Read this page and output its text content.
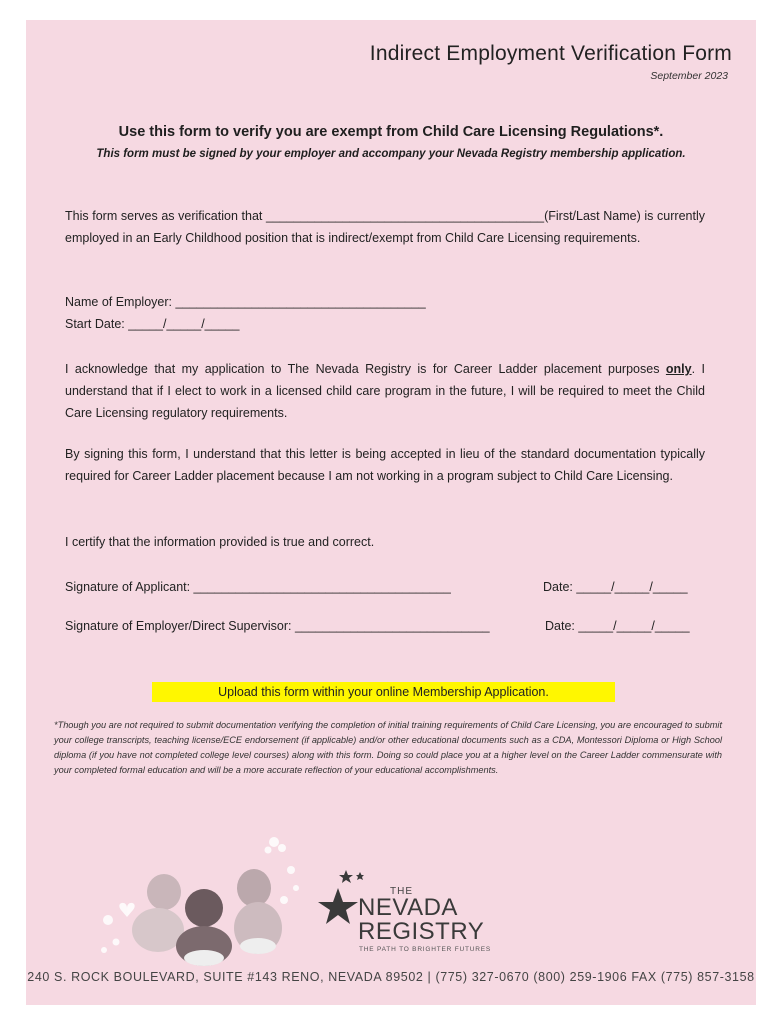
Indirect Employment Verification Form
September 2023
Use this form to verify you are exempt from Child Care Licensing Regulations*.
This form must be signed by your employer and accompany your Nevada Registry membership application.
This form serves as verification that ________________________________________(First/Last Name) is currently employed in an Early Childhood position that is indirect/exempt from Child Care Licensing requirements.
Name of Employer: ____________________________________
Start Date: _____/_____/_____
I acknowledge that my application to The Nevada Registry is for Career Ladder placement purposes only. I understand that if I elect to work in a licensed child care program in the future, I will be required to meet the Child Care Licensing regulatory requirements.
By signing this form, I understand that this letter is being accepted in lieu of the standard documentation typically required for Career Ladder placement because I am not working in a program subject to Child Care Licensing.
I certify that the information provided is true and correct.
Signature of Applicant: _____________________________________	Date: _____/_____/_____
Signature of Employer/Direct Supervisor: ____________________________	Date: _____/_____/_____
Upload this form within your online Membership Application.
*Though you are not required to submit documentation verifying the completion of initial training requirements of Child Care Licensing, you are encouraged to submit your college transcripts, teaching license/ECE endorsement (if applicable) and/or other educational documents such as a CDA, Montessori Diploma or High School diploma (if you have not completed college level courses) along with this form. Doing so could place you at a higher level on the Career Ladder commensurate with your completed formal education and will be a more accurate reflection of your educational accomplishments.
THE
NEVADA
REGISTRY
THE PATH TO BRIGHTER FUTURES
240 S. ROCK BOULEVARD, SUITE #143 RENO, NEVADA 89502 | (775) 327-0670 (800) 259-1906 FAX (775) 857-3158
